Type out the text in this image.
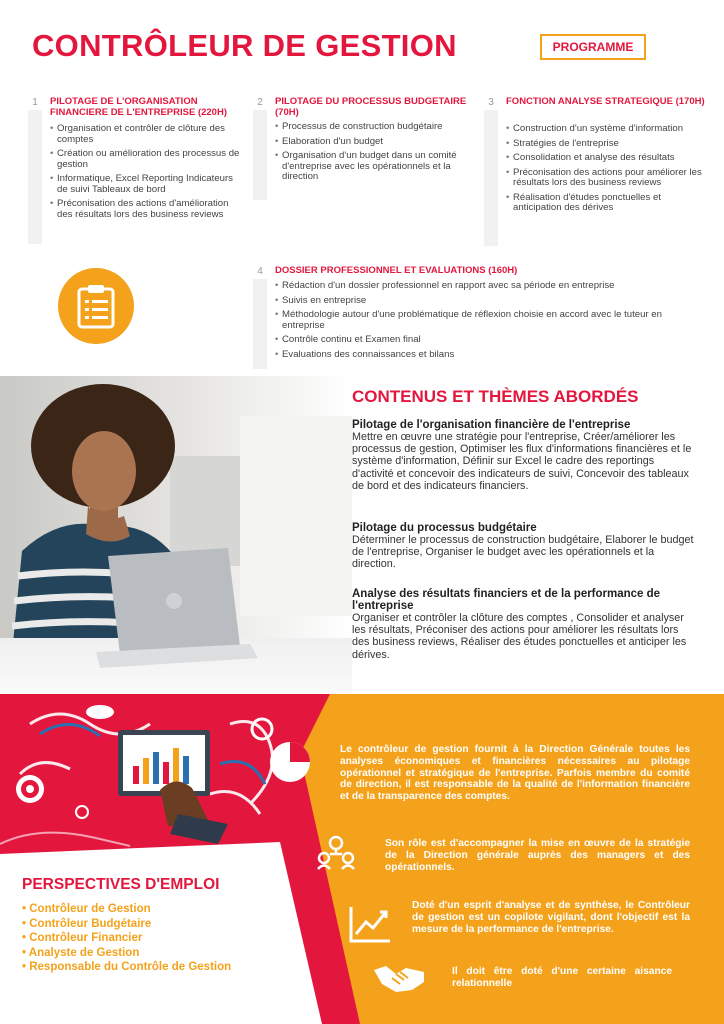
CONTRÔLEUR DE GESTION	PROGRAMME
1	PILOTAGE DE L'ORGANISATION FINANCIERE DE L'ENTREPRISE (220H)
• Organisation et contrôler de clôture des comptes
• Création ou amélioration des processus de gestion
• Informatique, Excel Reporting Indicateurs de suivi Tableaux de bord
• Préconisation des actions d'amélioration des résultats lors des business reviews
2	PILOTAGE DU PROCESSUS BUDGETAIRE (70H)
• Processus de construction budgétaire
• Elaboration d'un budget
• Organisation d'un budget dans un comité d'entreprise avec les opérationnels et la direction
3	FONCTION ANALYSE STRATEGIQUE (170H)
• Construction d'un système d'information
• Stratégies de l'entreprise
• Consolidation et analyse des résultats
• Préconisation des actions pour améliorer les résultats lors des business reviews
• Réalisation d'études ponctuelles et anticipation des dérives
4	DOSSIER PROFESSIONNEL ET EVALUATIONS (160H)
• Rédaction d'un dossier professionnel en rapport avec sa période en entreprise
• Suivis en entreprise
• Méthodologie autour d'une problématique de réflexion choisie en accord avec le tuteur en entreprise
• Contrôle continu et Examen final
• Evaluations des connaissances et bilans
CONTENUS ET THÈMES ABORDÉS
Pilotage de l'organisation financière de l'entreprise
Mettre en œuvre une stratégie pour l'entreprise, Créer/améliorer les processus de gestion, Optimiser les flux d'informations financières et le système d'information, Définir sur Excel le cadre des reportings d'activité et concevoir des indicateurs de suivi, Concevoir des tableaux de bord et des indicateurs financiers.
Pilotage du processus budgétaire
Déterminer le processus de construction budgétaire, Elaborer le budget de l'entreprise, Organiser le budget avec les opérationnels et la direction.
Analyse des résultats financiers et de la performance de l'entreprise
Organiser et contrôler la clôture des comptes , Consolider et analyser les résultats, Préconiser des actions pour améliorer les résultats lors des business reviews, Réaliser des études ponctuelles et anticiper les dérives.
PERSPECTIVES D'EMPLOI
• Contrôleur de Gestion
• Contrôleur Budgétaire
• Contrôleur Financier
• Analyste de Gestion
• Responsable du Contrôle de Gestion
Le contrôleur de gestion fournit à la Direction Générale toutes les analyses économiques et financières nécessaires au pilotage opérationnel et stratégique de l'entreprise. Parfois membre du comité de direction, il est responsable de la qualité de l'information financière et de la transparence des comptes.
Son rôle est d'accompagner la mise en œuvre de la stratégie de la Direction générale auprès des managers et des opérationnels.
Doté d'un esprit d'analyse et de synthèse, le Contrôleur de gestion est un copilote vigilant, dont l'objectif est la mesure de la performance de l'entreprise.
Il doit être doté d'une certaine aisance relationnelle
